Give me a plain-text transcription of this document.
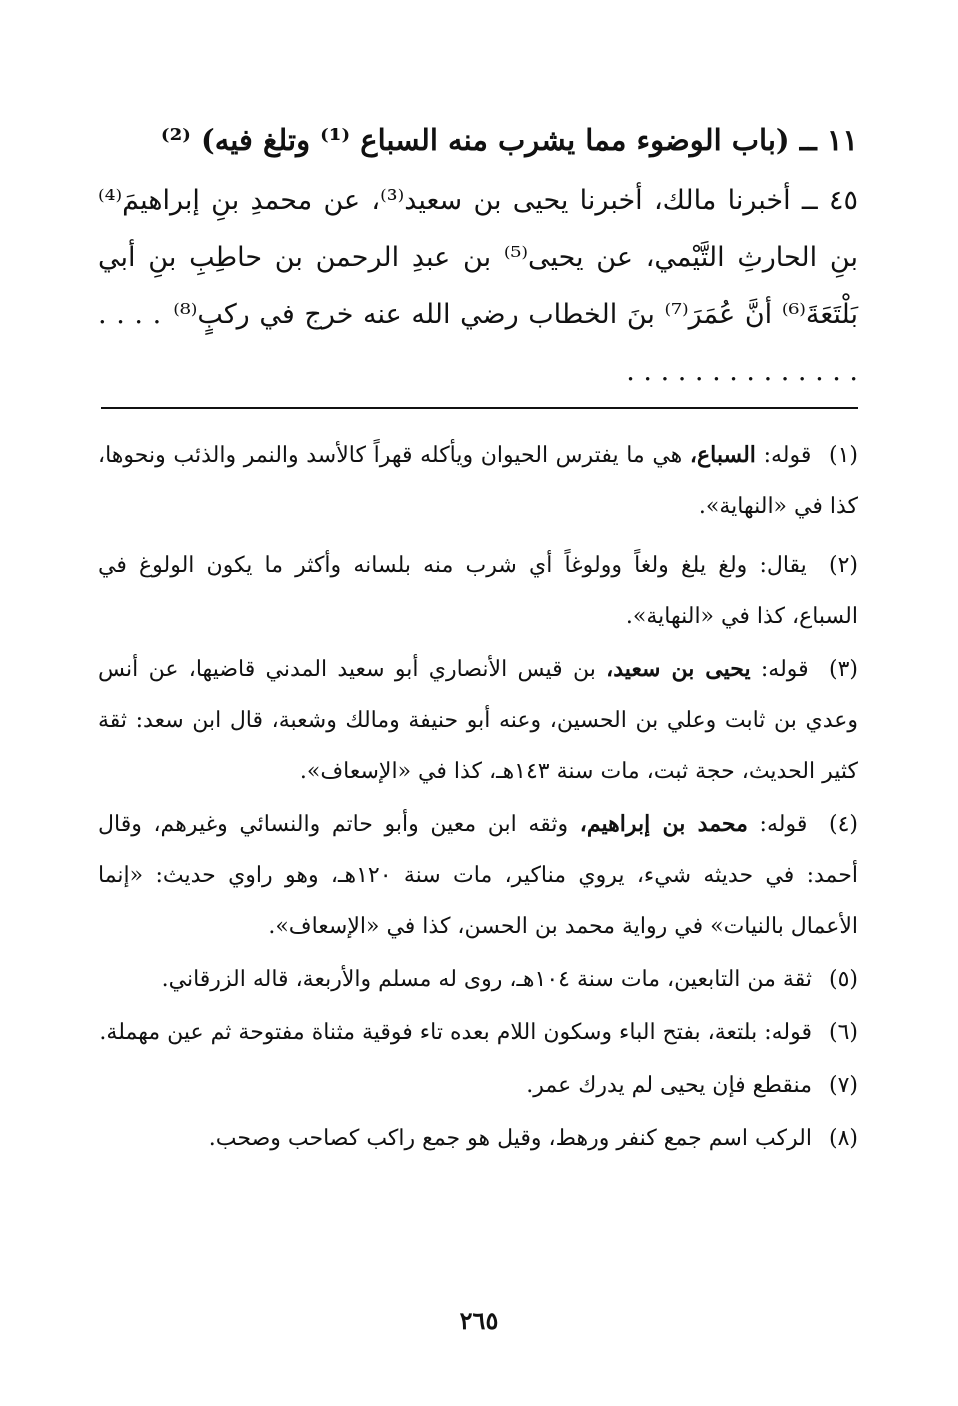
١١ ــ (باب الوضوء مما يشرب منه السباع ⁽¹⁾ وتلغ فيه) ⁽²⁾
٤٥ ــ أخبرنا مالك، أخبرنا يحيى بن سعيد⁽³⁾، عن محمدِ بنِ إبراهيمَ⁽⁴⁾ بنِ الحارثِ التَّيْمي، عن يحيى⁽⁵⁾ بن عبدِ الرحمن بن حاطِبِ بنِ أبي بَلْتَعَةَ⁽⁶⁾ أنَّ عُمَرَ⁽⁷⁾ بنَ الخطاب رضي الله عنه خرج في ركبٍ⁽⁸⁾. . . . . . . . . . . . . . . . . .

(١) قوله: السباع، هي ما يفترس الحيوان ويأكله قهراً كالأسد والنمر والذئب ونحوها، كذا في «النهاية».

(٢) يقال: ولغ يلغ ولغاً وولوغاً أي شرب منه بلسانه وأكثر ما يكون الولوغ في السباع، كذا في «النهاية».

(٣) قوله: يحيى بن سعيد، بن قيس الأنصاري أبو سعيد المدني قاضيها، عن أنس وعدي بن ثابت وعلي بن الحسين، وعنه أبو حنيفة ومالك وشعبة، قال ابن سعد: ثقة كثير الحديث، حجة ثبت، مات سنة ١٤٣هـ، كذا في «الإسعاف».

(٤) قوله: محمد بن إبراهيم، وثقه ابن معين وأبو حاتم والنسائي وغيرهم، وقال أحمد: في حديثه شيء، يروي مناكير، مات سنة ١٢٠هـ، وهو راوي حديث: «إنما الأعمال بالنيات» في رواية محمد بن الحسن، كذا في «الإسعاف».

(٥) ثقة من التابعين، مات سنة ١٠٤هـ، روى له مسلم والأربعة، قاله الزرقاني.

(٦) قوله: بلتعة، بفتح الباء وسكون اللام بعده تاء فوقية مثناة مفتوحة ثم عين مهملة.

(٧) منقطع فإن يحيى لم يدرك عمر.

(٨) الركب اسم جمع كنفر ورهط، وقيل هو جمع راكب كصاحب وصحب.

٢٦٥
